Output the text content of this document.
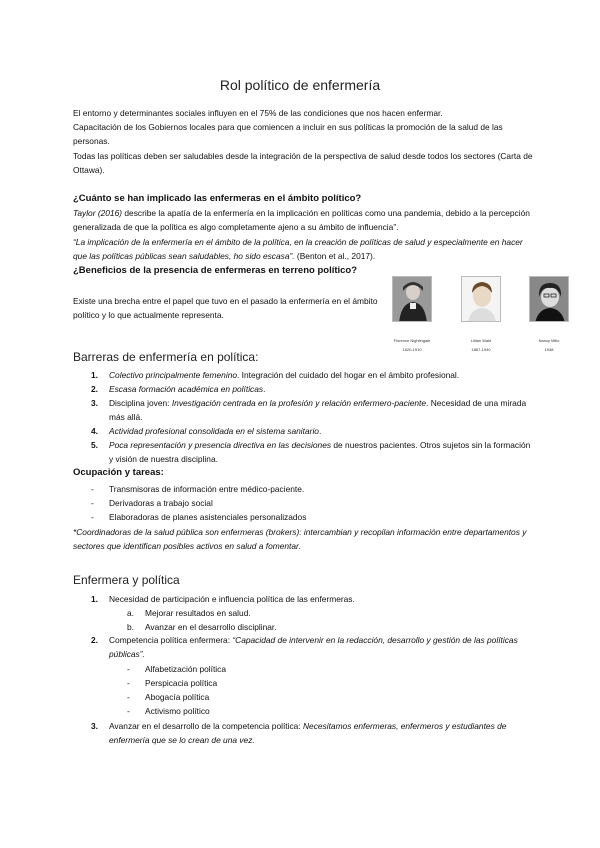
Rol político de enfermería
El entorno y determinantes sociales influyen en el 75% de las condiciones que nos hacen enfermar.
Capacitación de los Gobiernos locales para que comiencen a incluir en sus políticas la promoción de la salud de las personas.
Todas las políticas deben ser saludables desde la integración de la perspectiva de salud desde todos los sectores (Carta de Ottawa).
¿Cuánto se han implicado las enfermeras en el ámbito político?
Taylor (2016) describe la apatía de la enfermería en la implicación en políticas como una pandemia, debido a la percepción generalizada de que la política es algo completamente ajeno a su ámbito de influencia”.
“La implicación de la enfermería en el ámbito de la política, en la creación de políticas de salud y especialmente en hacer que las políticas públicas sean saludables, ho sido escasa”. (Benton et al., 2017).
¿Beneficios de la presencia de enfermeras en terreno político?
Existe una brecha entre el papel que tuvo en el pasado la enfermería en el ámbito político y lo que actualmente representa.
Florence Nightingale
1820-1910
Lillian Wald
1867-1940
Nancy Milio
1938
Barreras de enfermería en política:
1. Colectivo principalmente femenino. Integración del cuidado del hogar en el ámbito profesional.
2. Escasa formación académica en políticas.
3. Disciplina joven: Investigación centrada en la profesión y relación enfermero-paciente. Necesidad de una mirada más allá.
4. Actividad profesional consolidada en el sistema sanitario.
5. Poca representación y presencia directiva en las decisiones de nuestros pacientes. Otros sujetos sin la formación y visión de nuestra disciplina.
Ocupación y tareas:
- Transmisoras de información entre médico-paciente.
- Derivadoras a trabajo social
- Elaboradoras de planes asistenciales personalizados
*Coordinadoras de la salud pública son enfermeras (brokers): intercambian y recopilan información entre departamentos y sectores que identifican posibles activos en salud a fomentar.
Enfermera y política
1. Necesidad de participación e influencia política de las enfermeras.
a. Mejorar resultados en salud.
b. Avanzar en el desarrollo disciplinar.
2. Competencia política enfermera: “Capacidad de intervenir en la redacción, desarrollo y gestión de las políticas públicas”.
- Alfabetización política
- Perspicacia política
- Abogacía política
- Activismo político
3. Avanzar en el desarrollo de la competencia política: Necesitamos enfermeras, enfermeros y estudiantes de enfermería que se lo crean de una vez.
